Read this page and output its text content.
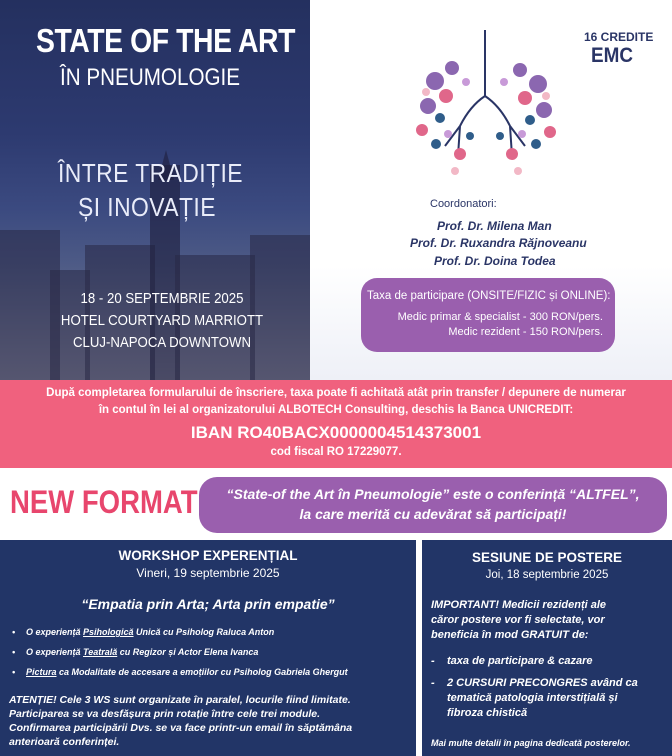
STATE OF THE ART
ÎN PNEUMOLOGIE
ÎNTRE TRADIȚIE
ȘI INOVAȚIE
18 - 20 SEPTEMBRIE 2025
HOTEL COURTYARD MARRIOTT
CLUJ-NAPOCA DOWNTOWN
16 CREDITE
EMC
Coordonatori:
Prof. Dr. Milena Man
Prof. Dr. Ruxandra Răjnoveanu
Prof. Dr. Doina Todea
Taxa de participare (ONSITE/FIZIC și ONLINE):
Medic primar & specialist - 300 RON/pers.
Medic rezident - 150 RON/pers.
După completarea formularului de înscriere, taxa poate fi achitată atât prin transfer / depunere de numerar
în contul în lei al organizatorului ALBOTECH Consulting, deschis la Banca UNICREDIT:
IBAN RO40BACX0000004514373001
cod fiscal RO 17229077.
NEW FORMAT	“State-of the Art în Pneumologie” este o conferință “ALTFEL”,
la care merită cu adevărat să participați!
WORKSHOP EXPERENȚIAL
Vineri, 19 septembrie 2025
“Empatia prin Arta; Arta prin empatie”
• O experiență Psihologică Unică cu Psiholog Raluca Anton
• O experiență Teatrală cu Regizor și Actor Elena Ivanca
• Pictura ca Modalitate de accesare a emoțiilor cu Psiholog Gabriela Ghergut
ATENȚIE! Cele 3 WS sunt organizate în paralel, locurile fiind limitate.
Participarea se va desfășura prin rotație între cele trei module.
Confirmarea participării Dvs. se va face printr-un email în săptămâna
anterioară conferinței.
SESIUNE DE POSTERE
Joi, 18 septembrie 2025
IMPORTANT! Medicii rezidenți ale
căror postere vor fi selectate, vor
beneficia în mod GRATUIT de:
- taxa de participare & cazare
- 2 CURSURI PRECONGRES având ca
tematică patologia interstițială și
fibroza chistică
Mai multe detalii în pagina dedicată posterelor.
